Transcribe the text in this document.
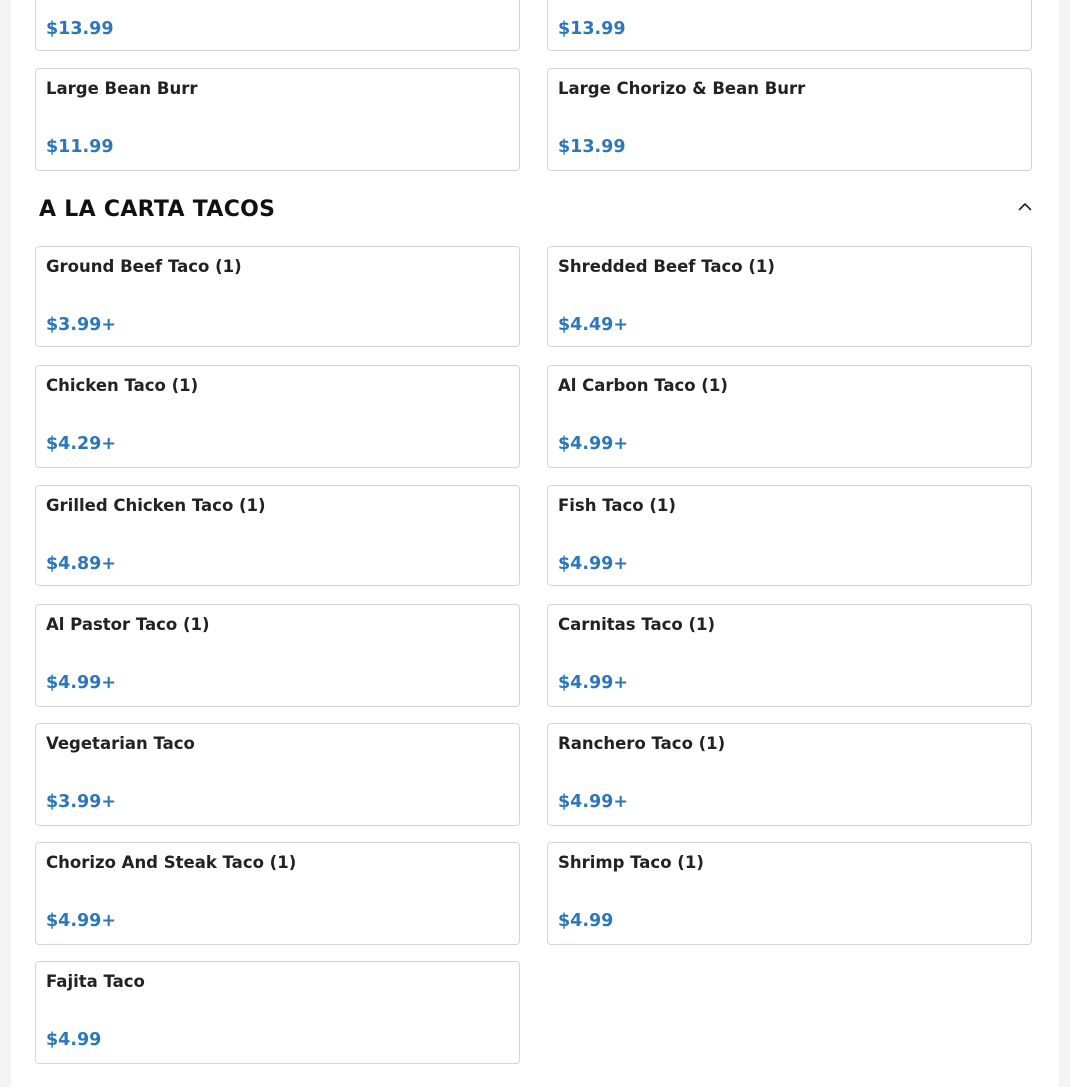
$13.99	$13.99
Large Bean Burr
$11.99
Large Chorizo & Bean Burr
$13.99
A LA CARTA TACOS
Ground Beef Taco (1)
$3.99+
Shredded Beef Taco (1)
$4.49+
Chicken Taco (1)
$4.29+
Al Carbon Taco (1)
$4.99+
Grilled Chicken Taco (1)
$4.89+
Fish Taco (1)
$4.99+
Al Pastor Taco (1)
$4.99+
Carnitas Taco (1)
$4.99+
Vegetarian Taco
$3.99+
Ranchero Taco (1)
$4.99+
Chorizo And Steak Taco (1)
$4.99+
Shrimp Taco (1)
$4.99
Fajita Taco
$4.99
